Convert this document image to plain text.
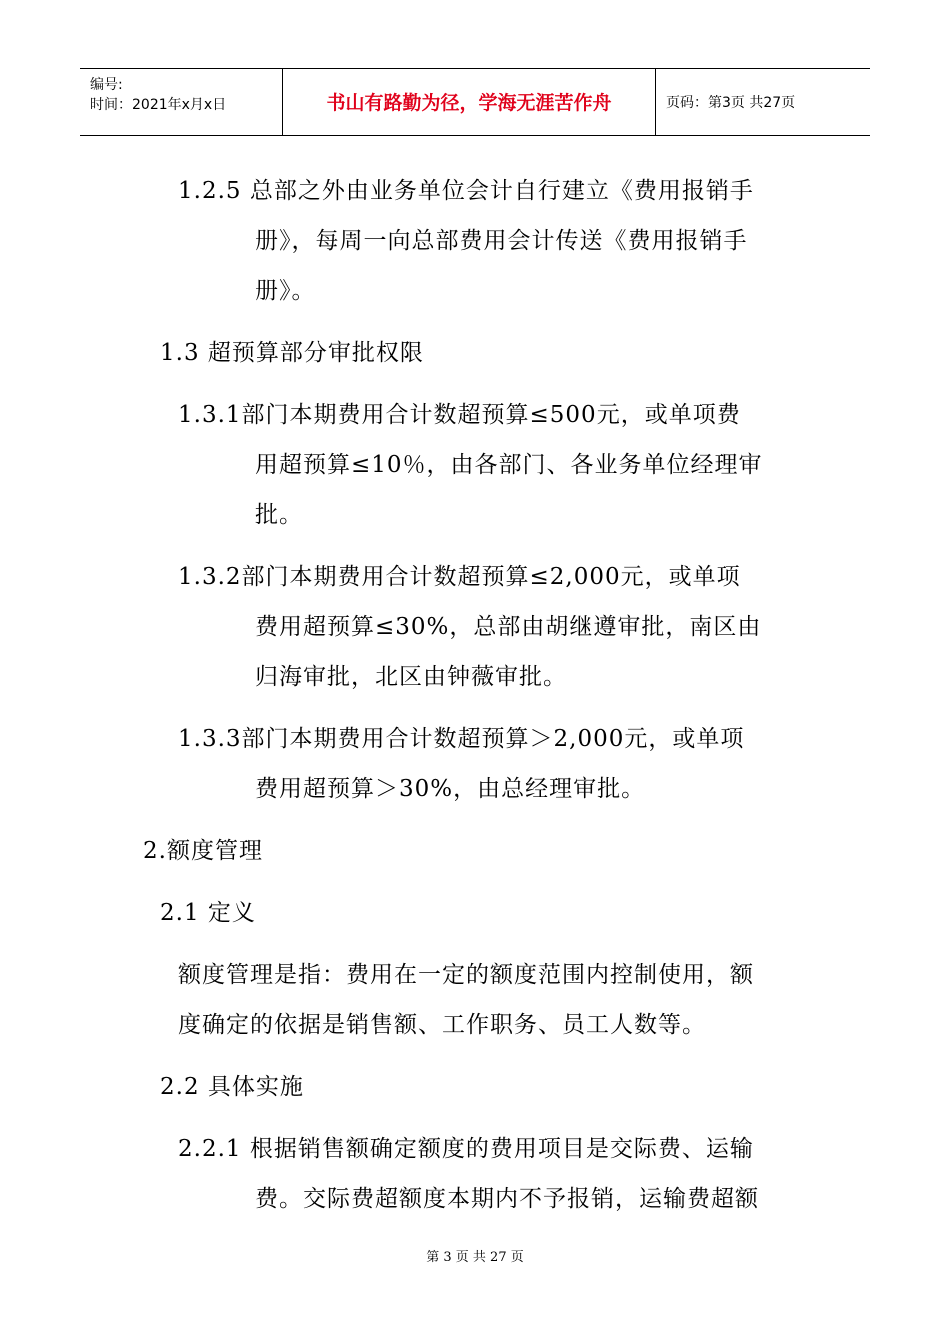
编号:
时间：2021年x月x日	书山有路勤为径，学海无涯苦作舟	页码：第3页 共27页
1.2.5 总部之外由业务单位会计自行建立《费用报销手
册》，每周一向总部费用会计传送《费用报销手
册》。
1.3 超预算部分审批权限
1.3.1部门本期费用合计数超预算≤500元，或单项费
用超预算≤10％，由各部门、各业务单位经理审
批。
1.3.2部门本期费用合计数超预算≤2,000元，或单项
费用超预算≤30%，总部由胡继遵审批，南区由
归海审批，北区由钟薇审批。
1.3.3部门本期费用合计数超预算＞2,000元，或单项
费用超预算＞30%，由总经理审批。
2.额度管理
2.1 定义
额度管理是指：费用在一定的额度范围内控制使用，额
度确定的依据是销售额、工作职务、员工人数等。
2.2 具体实施
2.2.1 根据销售额确定额度的费用项目是交际费、运输
费。交际费超额度本期内不予报销，运输费超额
第 3 页 共 27 页
